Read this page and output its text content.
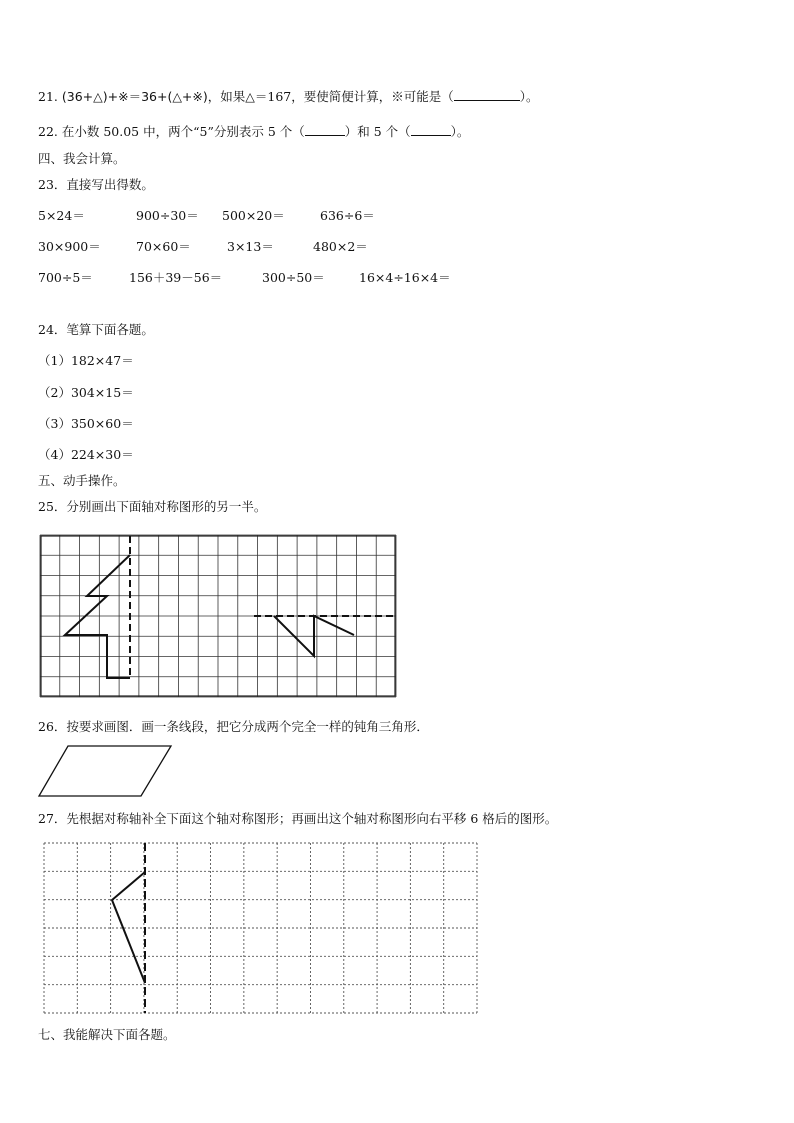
21. (36+△)+※＝36+(△+※)，如果△＝167，要使简便计算，※可能是（	）。
22. 在小数 50.05 中，两个“5”分别表示 5 个（	）和 5 个（	）。
四、我会计算。
23．直接写出得数。
5×24＝	900÷30＝ 500×20＝	636÷6＝
30×900＝	70×60＝	3×13＝	480×2＝
700÷5＝	156＋39－56＝	300÷50＝	16×4÷16×4＝
24．笔算下面各题。
（1）182×47＝
（2）304×15＝
（3）350×60＝
（4）224×30＝
五、动手操作。
25．分别画出下面轴对称图形的另一半。
26．按要求画图．画一条线段，把它分成两个完全一样的钝角三角形．
27．先根据对称轴补全下面这个轴对称图形；再画出这个轴对称图形向右平移 6 格后的图形。
七、我能解决下面各题。
